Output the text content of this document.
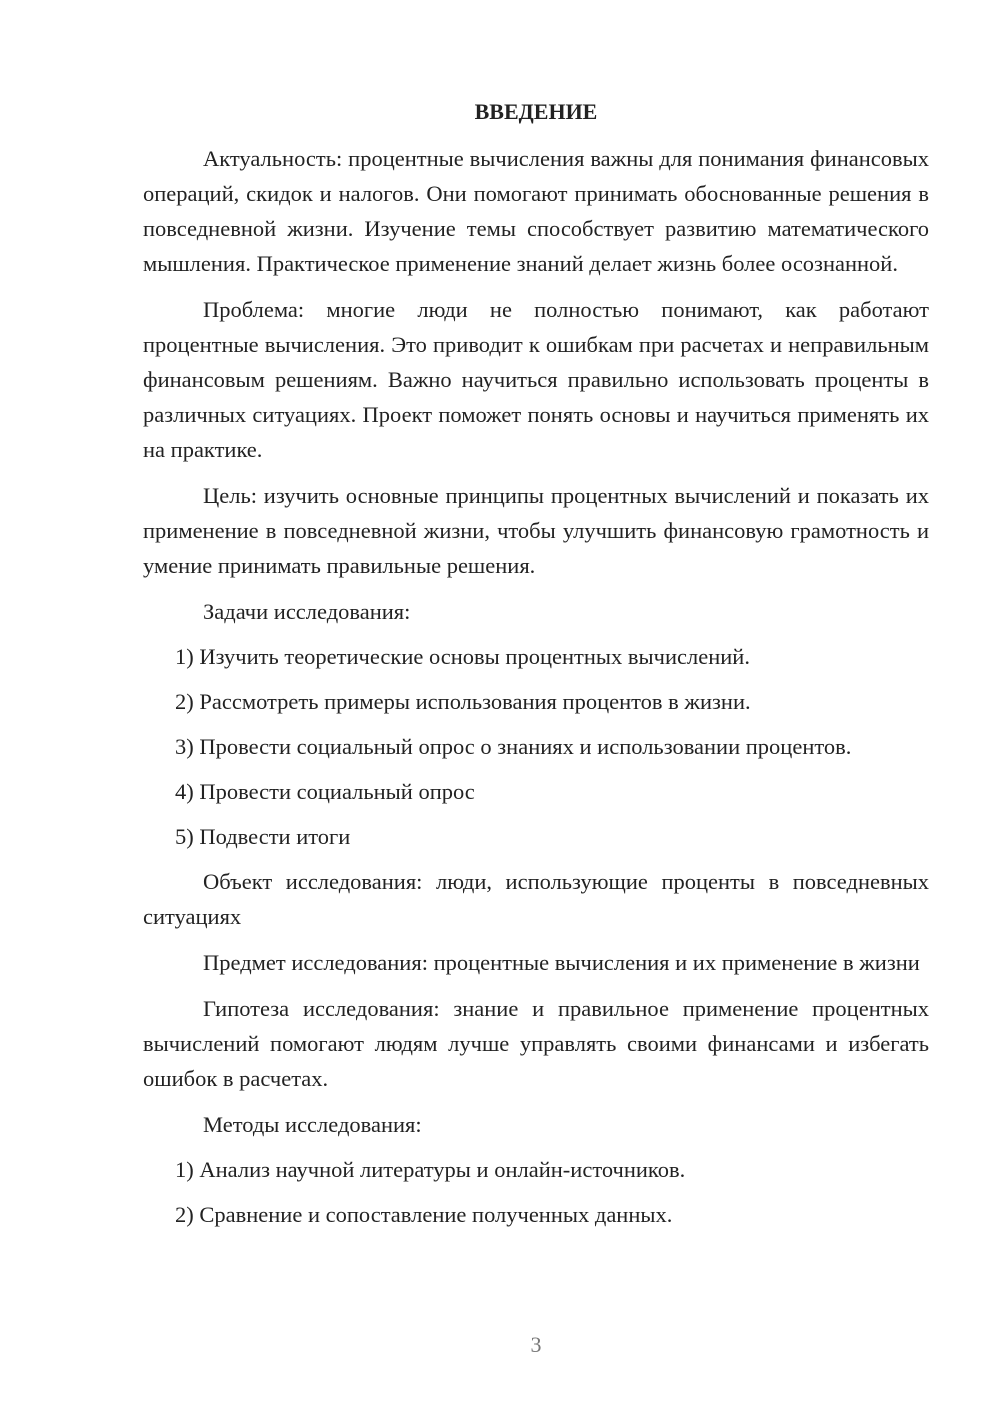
ВВЕДЕНИЕ

Актуальность: процентные вычисления важны для понимания финансовых операций, скидок и налогов. Они помогают принимать обоснованные решения в повседневной жизни. Изучение темы способствует развитию математического мышления. Практическое применение знаний делает жизнь более осознанной.

Проблема: многие люди не полностью понимают, как работают процентные вычисления. Это приводит к ошибкам при расчетах и неправильным финансовым решениям. Важно научиться правильно использовать проценты в различных ситуациях. Проект поможет понять основы и научиться применять их на практике.

Цель: изучить основные принципы процентных вычислений и показать их применение в повседневной жизни, чтобы улучшить финансовую грамотность и умение принимать правильные решения.

Задачи исследования:

1) Изучить теоретические основы процентных вычислений.

2) Рассмотреть примеры использования процентов в жизни.

3) Провести социальный опрос о знаниях и использовании процентов.

4) Провести социальный опрос

5) Подвести итоги

Объект исследования: люди, использующие проценты в повседневных ситуациях

Предмет исследования: процентные вычисления и их применение в жизни

Гипотеза исследования: знание и правильное применение процентных вычислений помогают людям лучше управлять своими финансами и избегать ошибок в расчетах.

Методы исследования:

1) Анализ научной литературы и онлайн-источников.

2) Сравнение и сопоставление полученных данных.

3
